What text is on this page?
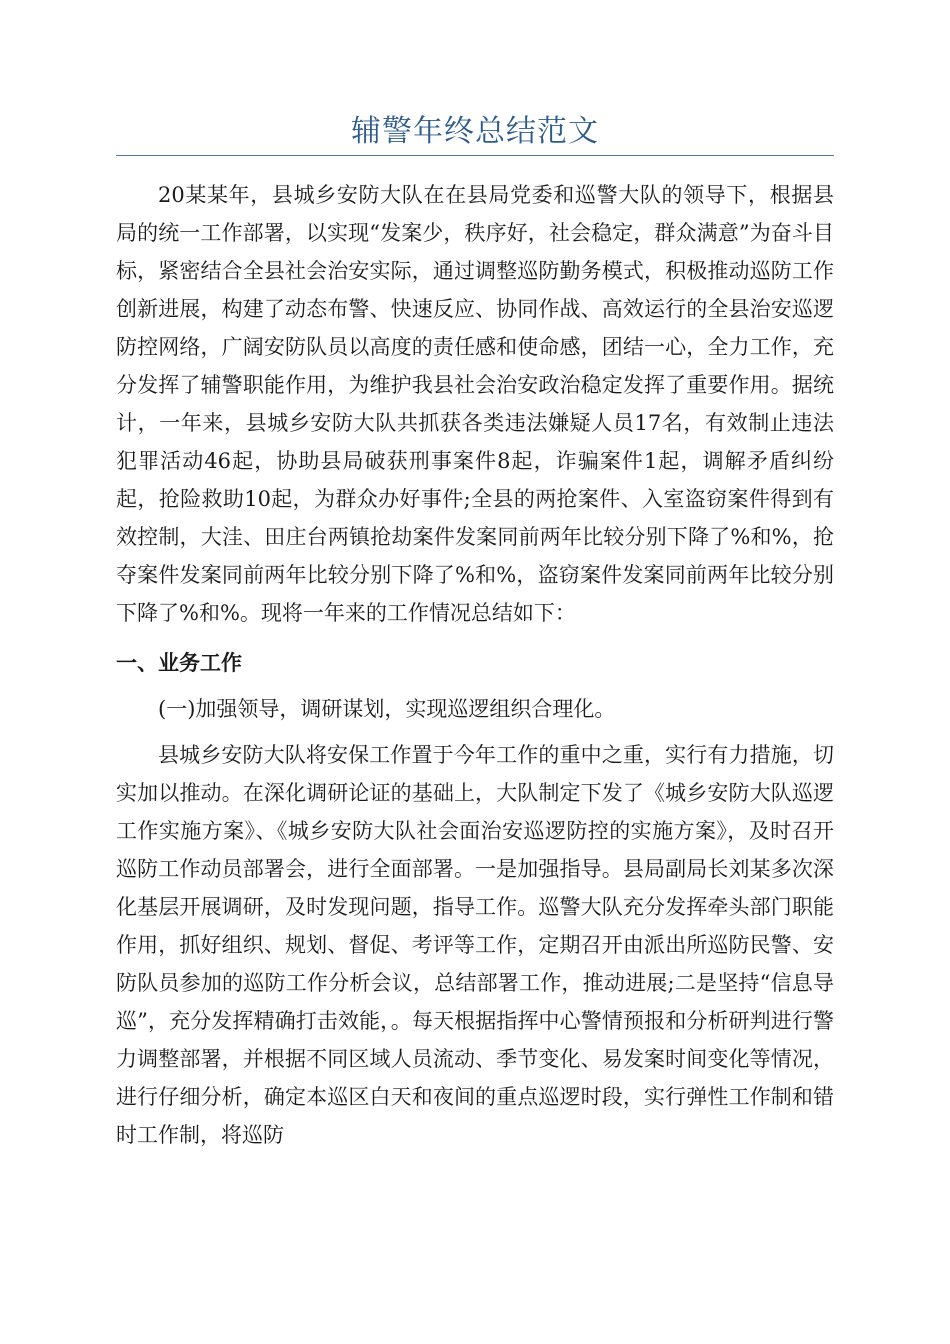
辅警年终总结范文

20某某年，县城乡安防大队在在县局党委和巡警大队的领导下，根据县局的统一工作部署，以实现“发案少，秩序好，社会稳定，群众满意”为奋斗目标，紧密结合全县社会治安实际，通过调整巡防勤务模式，积极推动巡防工作创新进展，构建了动态布警、快速反应、协同作战、高效运行的全县治安巡逻防控网络，广阔安防队员以高度的责任感和使命感，团结一心，全力工作，充分发挥了辅警职能作用，为维护我县社会治安政治稳定发挥了重要作用。据统计，一年来，县城乡安防大队共抓获各类违法嫌疑人员17名，有效制止违法犯罪活动46起，协助县局破获刑事案件8起，诈骗案件1起，调解矛盾纠纷起，抢险救助10起，为群众办好事件;全县的两抢案件、入室盗窃案件得到有效控制，大洼、田庄台两镇抢劫案件发案同前两年比较分别下降了%和%，抢夺案件发案同前两年比较分别下降了%和%，盗窃案件发案同前两年比较分别下降了%和%。现将一年来的工作情况总结如下：

一、业务工作

(一)加强领导，调研谋划，实现巡逻组织合理化。

县城乡安防大队将安保工作置于今年工作的重中之重，实行有力措施，切实加以推动。在深化调研论证的基础上，大队制定下发了《城乡安防大队巡逻工作实施方案》、《城乡安防大队社会面治安巡逻防控的实施方案》，及时召开巡防工作动员部署会，进行全面部署。一是加强指导。县局副局长刘某多次深化基层开展调研，及时发现问题，指导工作。巡警大队充分发挥牵头部门职能作用，抓好组织、规划、督促、考评等工作，定期召开由派出所巡防民警、安防队员参加的巡防工作分析会议，总结部署工作，推动进展;二是坚持“信息导巡”，充分发挥精确打击效能，。每天根据指挥中心警情预报和分析研判进行警力调整部署，并根据不同区域人员流动、季节变化、易发案时间变化等情况，进行仔细分析，确定本巡区白天和夜间的重点巡逻时段，实行弹性工作制和错时工作制，将巡防
